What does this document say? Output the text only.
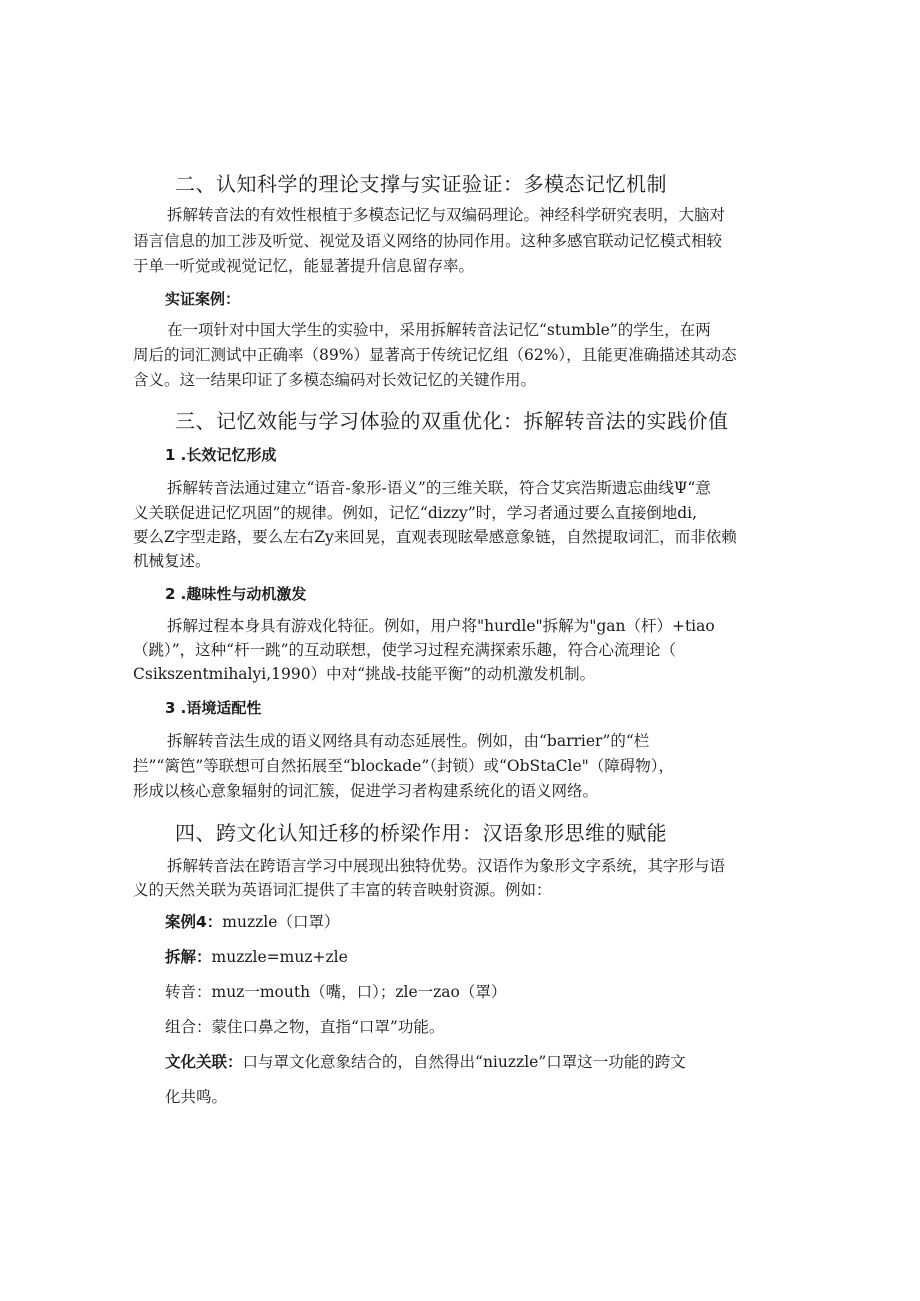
二、认知科学的理论支撑与实证验证：多模态记忆机制
拆解转音法的有效性根植于多模态记忆与双编码理论。神经科学研究表明，大脑对
语言信息的加工涉及听觉、视觉及语义网络的协同作用。这种多感官联动记忆模式相较
于单一听觉或视觉记忆，能显著提升信息留存率。
实证案例：
在一项针对中国大学生的实验中，采用拆解转音法记忆“stumble”的学生，在两
周后的词汇测试中正确率（89%）显著高于传统记忆组（62%），且能更准确描述其动态
含义。这一结果印证了多模态编码对长效记忆的关键作用。
三、记忆效能与学习体验的双重优化：拆解转音法的实践价值
1 .长效记忆形成
拆解转音法通过建立“语音-象形-语义”的三维关联，符合艾宾浩斯遗忘曲线Ψ“意
义关联促进记忆巩固”的规律。例如，记忆“dizzy”时，学习者通过要么直接倒地di,
要么Z字型走路，要么左右Zy来回晃，直观表现眩晕感意象链，自然提取词汇，而非依赖
机械复述。
2 .趣味性与动机激发
拆解过程本身具有游戏化特征。例如，用户将"hurdle"拆解为"gan（杆）+tiao
（跳）”，这种“杆一跳”的互动联想，使学习过程充满探索乐趣，符合心流理论（
Csikszentmihalyi,1990）中对“挑战-技能平衡”的动机激发机制。
3 .语境适配性
拆解转音法生成的语义网络具有动态延展性。例如，由“barrier”的“栏
拦”“篱笆”等联想可自然拓展至“blockade”（封锁）或“ObStaCle"（障碍物），
形成以核心意象辐射的词汇簇，促进学习者构建系统化的语义网络。
四、跨文化认知迁移的桥梁作用：汉语象形思维的赋能
拆解转音法在跨语言学习中展现出独特优势。汉语作为象形文字系统，其字形与语
义的天然关联为英语词汇提供了丰富的转音映射资源。例如：
案例4：muzzle（口罩）
拆解：muzzle=muz+zle
转音：muz一mouth（嘴，口）；zle一zao（罩）
组合：蒙住口鼻之物，直指“口罩”功能。
文化关联：口与罩文化意象结合的，自然得出“niuzzle”口罩这一功能的跨文
化共鸣。
